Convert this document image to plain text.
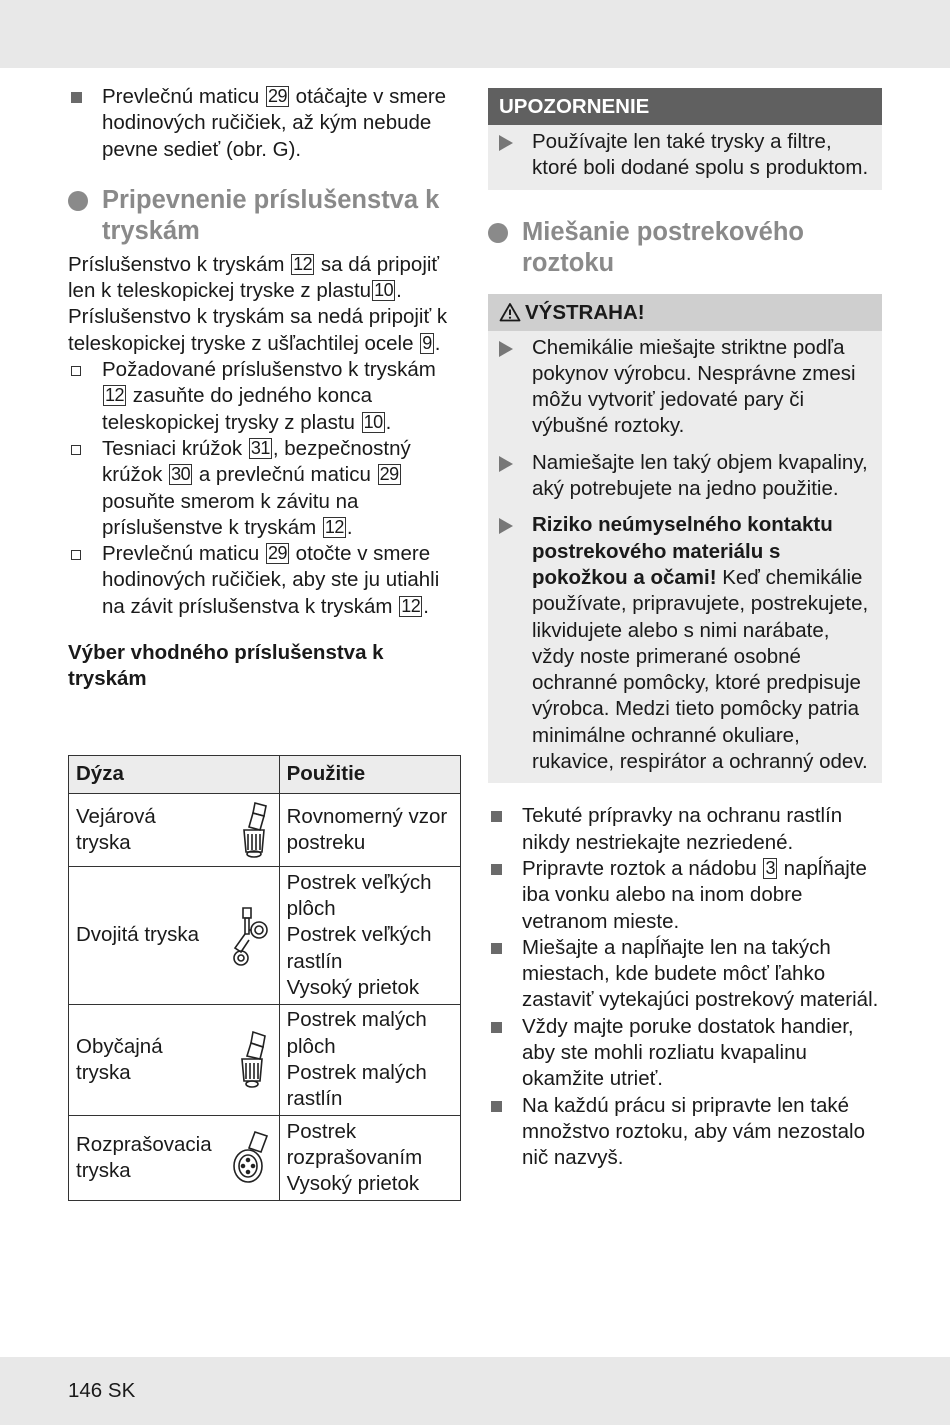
Prevlečnú maticu 29 otáčajte v smere hodinových ručičiek, až kým nebude pevne sedieť (obr. G).
Pripevnenie príslušenstva k tryskám
Príslušenstvo k tryskám 12 sa dá pripojiť len k teleskopickej tryske z plastu 10 . Príslušenstvo k tryskám sa nedá pripojiť k teleskopickej tryske z ušľachtilej ocele 9 .
Požadované príslušenstvo k tryskám 12 zasuňte do jedného konca teleskopickej trysky z plastu 10 .
Tesniaci krúžok 31 , bezpečnostný krúžok 30 a prevlečnú maticu 29 posuňte smerom k závitu na príslušenstve k tryskám 12 .
Prevlečnú maticu 29 otočte v smere hodinových ručičiek, aby ste ju utiahli na závit príslušenstva k tryskám 12 .
Výber vhodného príslušenstva k tryskám
Dýza	Použitie

Vejárová tryska	Rovnomerný vzor postreku

Dvojitá tryska	Postrek veľkých plôch
Postrek veľkých rastlín
Vysoký prietok

Obyčajná tryska	Postrek malých plôch
Postrek malých rastlín

Rozprašovacia tryska	Postrek rozprašovaním
Vysoký prietok
UPOZORNENIE
Používajte len také trysky a filtre, ktoré boli dodané spolu s produktom.
Miešanie postrekového roztoku
VÝSTRAHA!
Chemikálie miešajte striktne podľa pokynov výrobcu. Nesprávne zmesi môžu vytvoriť jedovaté pary či výbušné roztoky.
Namiešajte len taký objem kvapaliny, aký potrebujete na jedno použitie.
Riziko neúmyselného kontaktu postrekového materiálu s pokožkou a očami! Keď chemikálie používate, pripravujete, postrekujete, likvidujete alebo s nimi narábate, vždy noste primerané osobné ochranné pomôcky, ktoré predpisuje výrobca. Medzi tieto pomôcky patria minimálne ochranné okuliare, rukavice, respirátor a ochranný odev.
Tekuté prípravky na ochranu rastlín nikdy nestriekajte nezriedené.
Pripravte roztok a nádobu 3 napĺňajte iba vonku alebo na inom dobre vetranom mieste.
Miešajte a napĺňajte len na takých miestach, kde budete môcť ľahko zastaviť vytekajúci postrekový materiál.
Vždy majte poruke dostatok handier, aby ste mohli rozliatu kvapalinu okamžite utrieť.
Na každú prácu si pripravte len také množstvo roztoku, aby vám nezostalo nič nazvyš.
146 SK
